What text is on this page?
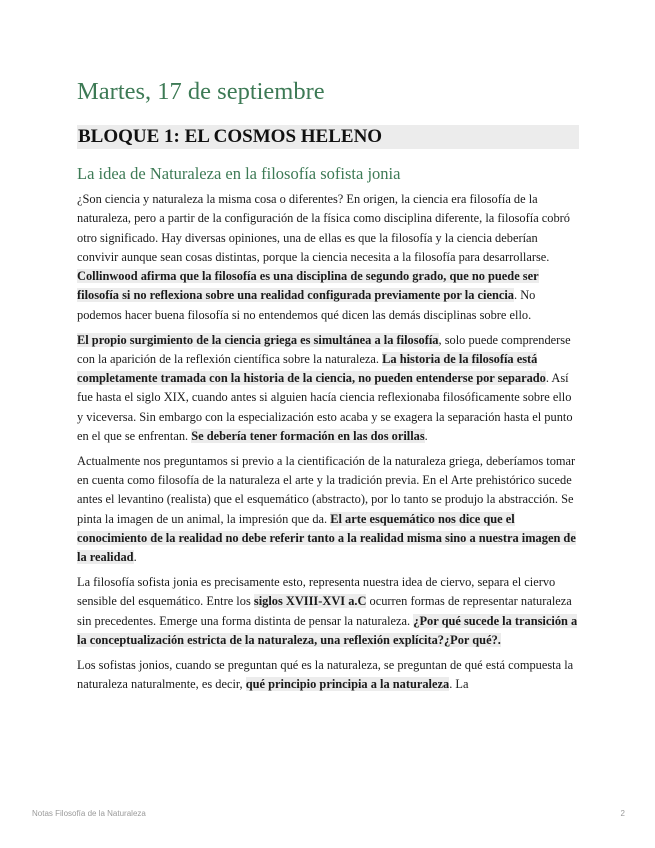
Martes, 17 de septiembre
BLOQUE 1: EL COSMOS HELENO
La idea de Naturaleza en la filosofía sofista jonia

¿Son ciencia y naturaleza la misma cosa o diferentes? En origen, la ciencia era filosofía de la naturaleza, pero a partir de la configuración de la física como disciplina diferente, la filosofía cobró otro significado. Hay diversas opiniones, una de ellas es que la filosofía y la ciencia deberían convivir aunque sean cosas distintas, porque la ciencia necesita a la filosofía para desarrollarse. Collinwood afirma que la filosofía es una disciplina de segundo grado, que no puede ser filosofía si no reflexiona sobre una realidad configurada previamente por la ciencia. No podemos hacer buena filosofía si no entendemos qué dicen las demás disciplinas sobre ello.

El propio surgimiento de la ciencia griega es simultánea a la filosofía, solo puede comprenderse con la aparición de la reflexión científica sobre la naturaleza. La historia de la filosofía está completamente tramada con la historia de la ciencia, no pueden entenderse por separado. Así fue hasta el siglo XIX, cuando antes si alguien hacía ciencia reflexionaba filosóficamente sobre ello y viceversa. Sin embargo con la especialización esto acaba y se exagera la separación hasta el punto en el que se enfrentan. Se debería tener formación en las dos orillas.

Actualmente nos preguntamos si previo a la cientificación de la naturaleza griega, deberíamos tomar en cuenta como filosofía de la naturaleza el arte y la tradición previa. En el Arte prehistórico sucede antes el levantino (realista) que el esquemático (abstracto), por lo tanto se produjo la abstracción. Se pinta la imagen de un animal, la impresión que da. El arte esquemático nos dice que el conocimiento de la realidad no debe referir tanto a la realidad misma sino a nuestra imagen de la realidad.

La filosofía sofista jonia es precisamente esto, representa nuestra idea de ciervo, separa el ciervo sensible del esquemático. Entre los siglos XVIII-XVI a.C ocurren formas de representar naturaleza sin precedentes. Emerge una forma distinta de pensar la naturaleza. ¿Por qué sucede la transición a la conceptualización estricta de la naturaleza, una reflexión explícita?¿Por qué?.

Los sofistas jonios, cuando se preguntan qué es la naturaleza, se preguntan de qué está compuesta la naturaleza naturalmente, es decir, qué principio principia a la naturaleza. La

Notas Filosofía de la Naturaleza	2
